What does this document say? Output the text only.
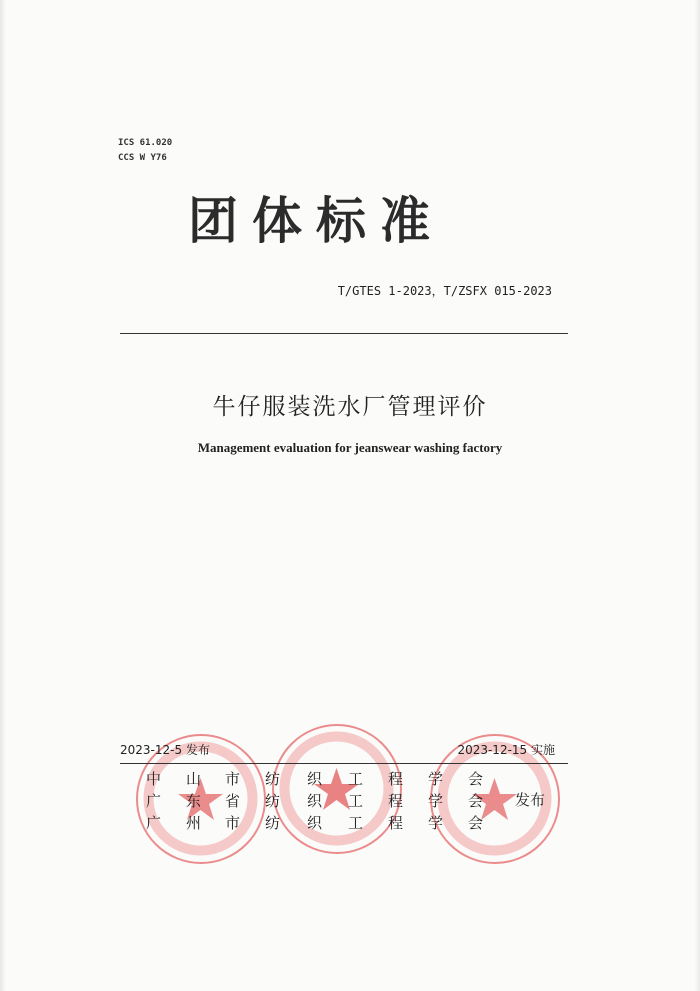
ICS 61.020
CCS W Y76
团体标准
T/GTES 1-2023，T/ZSFX 015-2023
牛仔服装洗水厂管理评价
Management evaluation for jeanswear washing factory
2023-12-5 发布	2023-12-15 实施
中 山 市 纺 织 工 程 学 会
广 东 省 纺 织 工 程 学 会
广 州 市 纺 织 工 程 学 会
发布
